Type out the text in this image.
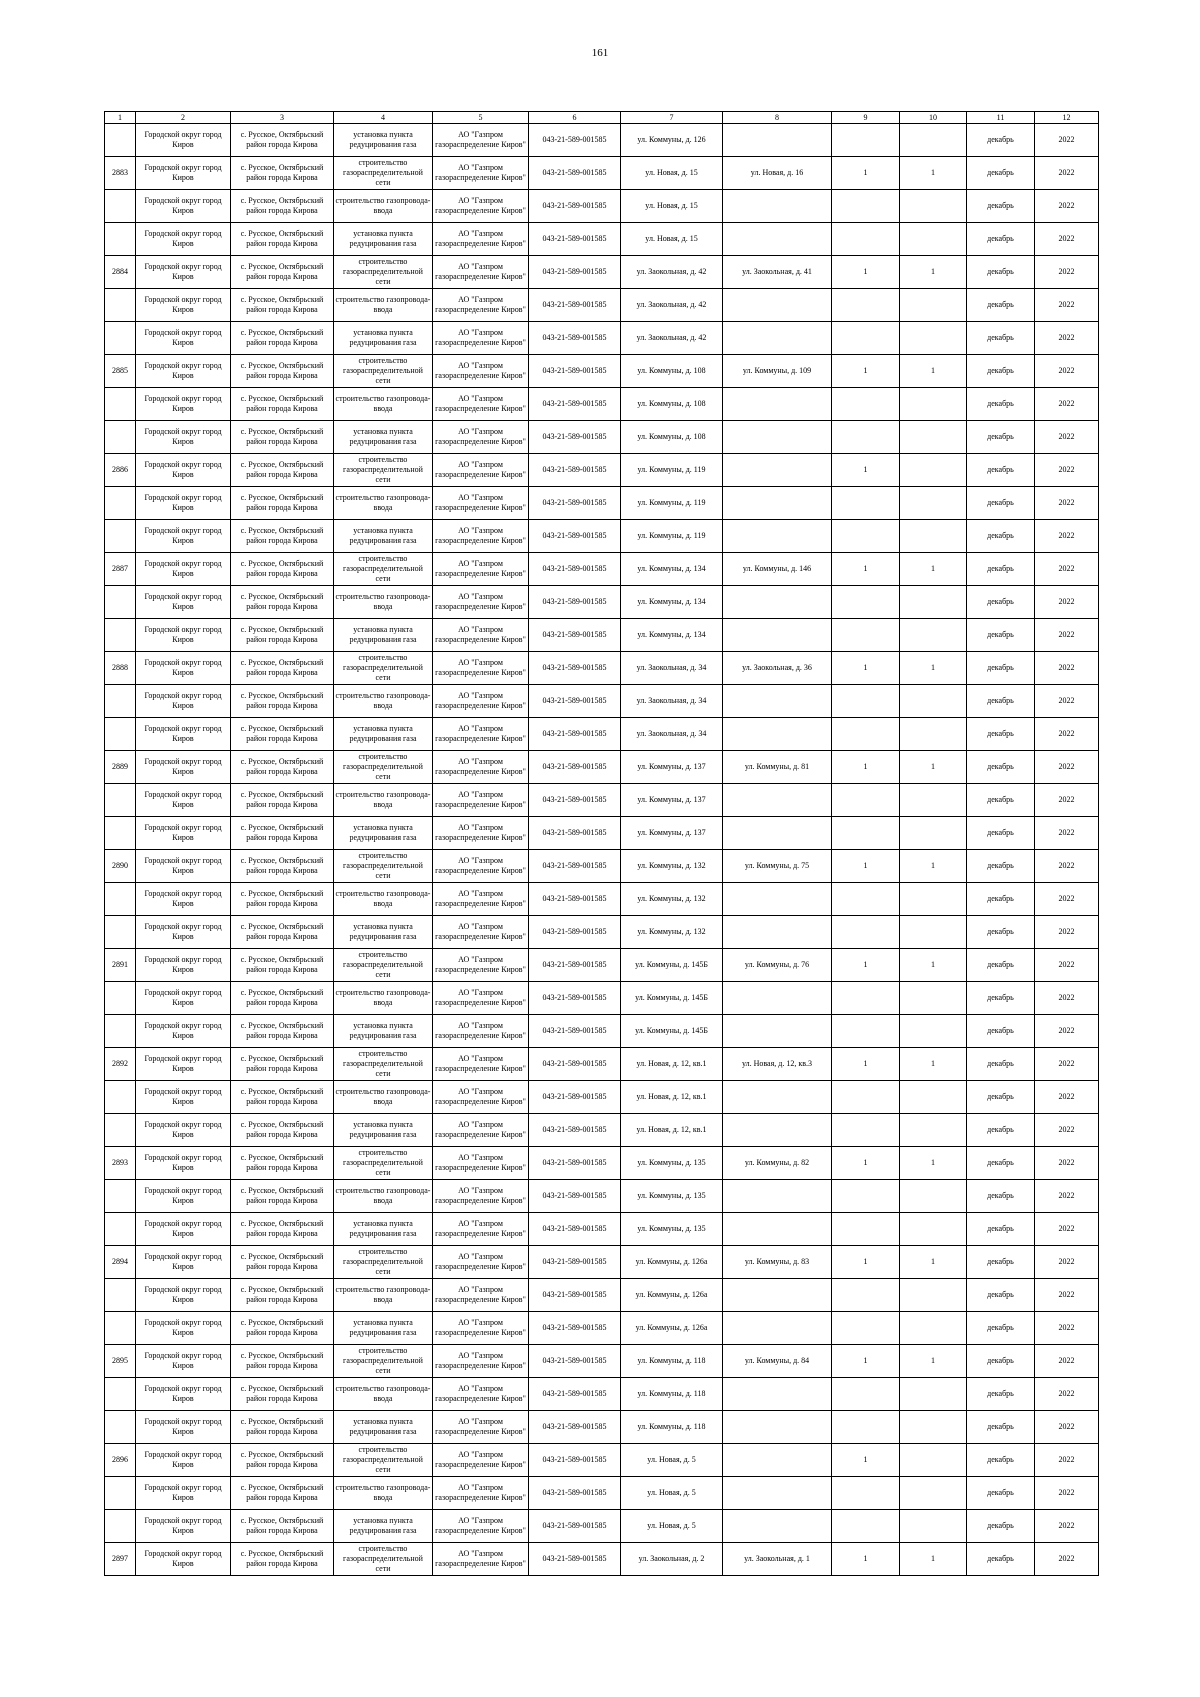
161
1	2	3	4	5	6	7	8	9	10	11	12
	Городской округ город Киров	с. Русское, Октябрьский район города Кирова	установка пункта редуцирования газа	АО "Газпром газораспределение Киров"	043-21-589-001585	ул. Коммуны, д. 126				декабрь	2022
2883	Городской округ город Киров	с. Русское, Октябрьский район города Кирова	строительство газораспределительной сети	АО "Газпром газораспределение Киров"	043-21-589-001585	ул. Новая, д. 15	ул. Новая, д. 16	1	1	декабрь	2022
	Городской округ город Киров	с. Русское, Октябрьский район города Кирова	строительство газопровода-ввода	АО "Газпром газораспределение Киров"	043-21-589-001585	ул. Новая, д. 15				декабрь	2022
	Городской округ город Киров	с. Русское, Октябрьский район города Кирова	установка пункта редуцирования газа	АО "Газпром газораспределение Киров"	043-21-589-001585	ул. Новая, д. 15				декабрь	2022
2884	Городской округ город Киров	с. Русское, Октябрьский район города Кирова	строительство газораспределительной сети	АО "Газпром газораспределение Киров"	043-21-589-001585	ул. Заокольная, д. 42	ул. Заокольная, д. 41	1	1	декабрь	2022
	Городской округ город Киров	с. Русское, Октябрьский район города Кирова	строительство газопровода-ввода	АО "Газпром газораспределение Киров"	043-21-589-001585	ул. Заокольная, д. 42				декабрь	2022
	Городской округ город Киров	с. Русское, Октябрьский район города Кирова	установка пункта редуцирования газа	АО "Газпром газораспределение Киров"	043-21-589-001585	ул. Заокольная, д. 42				декабрь	2022
2885	Городской округ город Киров	с. Русское, Октябрьский район города Кирова	строительство газораспределительной сети	АО "Газпром газораспределение Киров"	043-21-589-001585	ул. Коммуны, д. 108	ул. Коммуны, д. 109	1	1	декабрь	2022
	Городской округ город Киров	с. Русское, Октябрьский район города Кирова	строительство газопровода-ввода	АО "Газпром газораспределение Киров"	043-21-589-001585	ул. Коммуны, д. 108				декабрь	2022
	Городской округ город Киров	с. Русское, Октябрьский район города Кирова	установка пункта редуцирования газа	АО "Газпром газораспределение Киров"	043-21-589-001585	ул. Коммуны, д. 108				декабрь	2022
2886	Городской округ город Киров	с. Русское, Октябрьский район города Кирова	строительство газораспределительной сети	АО "Газпром газораспределение Киров"	043-21-589-001585	ул. Коммуны, д. 119		1		декабрь	2022
	Городской округ город Киров	с. Русское, Октябрьский район города Кирова	строительство газопровода-ввода	АО "Газпром газораспределение Киров"	043-21-589-001585	ул. Коммуны, д. 119				декабрь	2022
	Городской округ город Киров	с. Русское, Октябрьский район города Кирова	установка пункта редуцирования газа	АО "Газпром газораспределение Киров"	043-21-589-001585	ул. Коммуны, д. 119				декабрь	2022
2887	Городской округ город Киров	с. Русское, Октябрьский район города Кирова	строительство газораспределительной сети	АО "Газпром газораспределение Киров"	043-21-589-001585	ул. Коммуны, д. 134	ул. Коммуны, д. 146	1	1	декабрь	2022
	Городской округ город Киров	с. Русское, Октябрьский район города Кирова	строительство газопровода-ввода	АО "Газпром газораспределение Киров"	043-21-589-001585	ул. Коммуны, д. 134				декабрь	2022
	Городской округ город Киров	с. Русское, Октябрьский район города Кирова	установка пункта редуцирования газа	АО "Газпром газораспределение Киров"	043-21-589-001585	ул. Коммуны, д. 134				декабрь	2022
2888	Городской округ город Киров	с. Русское, Октябрьский район города Кирова	строительство газораспределительной сети	АО "Газпром газораспределение Киров"	043-21-589-001585	ул. Заокольная, д. 34	ул. Заокольная, д. 36	1	1	декабрь	2022
	Городской округ город Киров	с. Русское, Октябрьский район города Кирова	строительство газопровода-ввода	АО "Газпром газораспределение Киров"	043-21-589-001585	ул. Заокольная, д. 34				декабрь	2022
	Городской округ город Киров	с. Русское, Октябрьский район города Кирова	установка пункта редуцирования газа	АО "Газпром газораспределение Киров"	043-21-589-001585	ул. Заокольная, д. 34				декабрь	2022
2889	Городской округ город Киров	с. Русское, Октябрьский район города Кирова	строительство газораспределительной сети	АО "Газпром газораспределение Киров"	043-21-589-001585	ул. Коммуны, д. 137	ул. Коммуны, д. 81	1	1	декабрь	2022
	Городской округ город Киров	с. Русское, Октябрьский район города Кирова	строительство газопровода-ввода	АО "Газпром газораспределение Киров"	043-21-589-001585	ул. Коммуны, д. 137				декабрь	2022
	Городской округ город Киров	с. Русское, Октябрьский район города Кирова	установка пункта редуцирования газа	АО "Газпром газораспределение Киров"	043-21-589-001585	ул. Коммуны, д. 137				декабрь	2022
2890	Городской округ город Киров	с. Русское, Октябрьский район города Кирова	строительство газораспределительной сети	АО "Газпром газораспределение Киров"	043-21-589-001585	ул. Коммуны, д. 132	ул. Коммуны, д. 75	1	1	декабрь	2022
	Городской округ город Киров	с. Русское, Октябрьский район города Кирова	строительство газопровода-ввода	АО "Газпром газораспределение Киров"	043-21-589-001585	ул. Коммуны, д. 132				декабрь	2022
	Городской округ город Киров	с. Русское, Октябрьский район города Кирова	установка пункта редуцирования газа	АО "Газпром газораспределение Киров"	043-21-589-001585	ул. Коммуны, д. 132				декабрь	2022
2891	Городской округ город Киров	с. Русское, Октябрьский район города Кирова	строительство газораспределительной сети	АО "Газпром газораспределение Киров"	043-21-589-001585	ул. Коммуны, д. 145Б	ул. Коммуны, д. 76	1	1	декабрь	2022
	Городской округ город Киров	с. Русское, Октябрьский район города Кирова	строительство газопровода-ввода	АО "Газпром газораспределение Киров"	043-21-589-001585	ул. Коммуны, д. 145Б				декабрь	2022
	Городской округ город Киров	с. Русское, Октябрьский район города Кирова	установка пункта редуцирования газа	АО "Газпром газораспределение Киров"	043-21-589-001585	ул. Коммуны, д. 145Б				декабрь	2022
2892	Городской округ город Киров	с. Русское, Октябрьский район города Кирова	строительство газораспределительной сети	АО "Газпром газораспределение Киров"	043-21-589-001585	ул. Новая, д. 12, кв.1	ул. Новая, д. 12, кв.3	1	1	декабрь	2022
	Городской округ город Киров	с. Русское, Октябрьский район города Кирова	строительство газопровода-ввода	АО "Газпром газораспределение Киров"	043-21-589-001585	ул. Новая, д. 12, кв.1				декабрь	2022
	Городской округ город Киров	с. Русское, Октябрьский район города Кирова	установка пункта редуцирования газа	АО "Газпром газораспределение Киров"	043-21-589-001585	ул. Новая, д. 12, кв.1				декабрь	2022
2893	Городской округ город Киров	с. Русское, Октябрьский район города Кирова	строительство газораспределительной сети	АО "Газпром газораспределение Киров"	043-21-589-001585	ул. Коммуны, д. 135	ул. Коммуны, д. 82	1	1	декабрь	2022
	Городской округ город Киров	с. Русское, Октябрьский район города Кирова	строительство газопровода-ввода	АО "Газпром газораспределение Киров"	043-21-589-001585	ул. Коммуны, д. 135				декабрь	2022
	Городской округ город Киров	с. Русское, Октябрьский район города Кирова	установка пункта редуцирования газа	АО "Газпром газораспределение Киров"	043-21-589-001585	ул. Коммуны, д. 135				декабрь	2022
2894	Городской округ город Киров	с. Русское, Октябрьский район города Кирова	строительство газораспределительной сети	АО "Газпром газораспределение Киров"	043-21-589-001585	ул. Коммуны, д. 126а	ул. Коммуны, д. 83	1	1	декабрь	2022
	Городской округ город Киров	с. Русское, Октябрьский район города Кирова	строительство газопровода-ввода	АО "Газпром газораспределение Киров"	043-21-589-001585	ул. Коммуны, д. 126а				декабрь	2022
	Городской округ город Киров	с. Русское, Октябрьский район города Кирова	установка пункта редуцирования газа	АО "Газпром газораспределение Киров"	043-21-589-001585	ул. Коммуны, д. 126а				декабрь	2022
2895	Городской округ город Киров	с. Русское, Октябрьский район города Кирова	строительство газораспределительной сети	АО "Газпром газораспределение Киров"	043-21-589-001585	ул. Коммуны, д. 118	ул. Коммуны, д. 84	1	1	декабрь	2022
	Городской округ город Киров	с. Русское, Октябрьский район города Кирова	строительство газопровода-ввода	АО "Газпром газораспределение Киров"	043-21-589-001585	ул. Коммуны, д. 118				декабрь	2022
	Городской округ город Киров	с. Русское, Октябрьский район города Кирова	установка пункта редуцирования газа	АО "Газпром газораспределение Киров"	043-21-589-001585	ул. Коммуны, д. 118				декабрь	2022
2896	Городской округ город Киров	с. Русское, Октябрьский район города Кирова	строительство газораспределительной сети	АО "Газпром газораспределение Киров"	043-21-589-001585	ул. Новая, д. 5		1		декабрь	2022
	Городской округ город Киров	с. Русское, Октябрьский район города Кирова	строительство газопровода-ввода	АО "Газпром газораспределение Киров"	043-21-589-001585	ул. Новая, д. 5				декабрь	2022
	Городской округ город Киров	с. Русское, Октябрьский район города Кирова	установка пункта редуцирования газа	АО "Газпром газораспределение Киров"	043-21-589-001585	ул. Новая, д. 5				декабрь	2022
2897	Городской округ город Киров	с. Русское, Октябрьский район города Кирова	строительство газораспределительной сети	АО "Газпром газораспределение Киров"	043-21-589-001585	ул. Заокольная, д. 2	ул. Заокольная, д. 1	1	1	декабрь	2022
